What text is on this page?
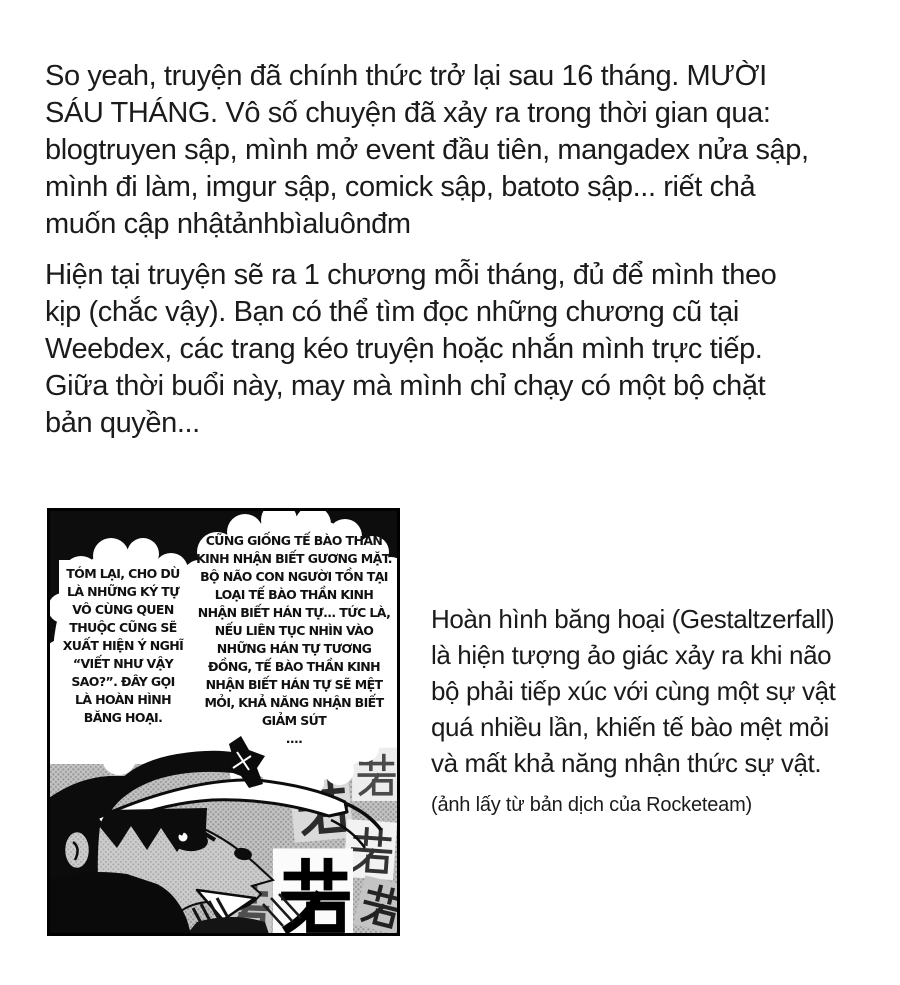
So yeah, truyện đã chính thức trở lại sau 16 tháng. MƯỜI
SÁU THÁNG. Vô số chuyện đã xảy ra trong thời gian qua:
blogtruyen sập, mình mở event đầu tiên, mangadex nửa sập,
mình đi làm, imgur sập, comick sập, batoto sập... riết chả
muốn cập nhậtảnhbìaluônđm
Hiện tại truyện sẽ ra 1 chương mỗi tháng, đủ để mình theo
kịp (chắc vậy). Bạn có thể tìm đọc những chương cũ tại
Weebdex, các trang kéo truyện hoặc nhắn mình trực tiếp.
Giữa thời buổi này, may mà mình chỉ chạy có một bộ chặt
bản quyền...
TÓM LẠI, CHO DÙ
LÀ NHỮNG KÝ TỰ
VÔ CÙNG QUEN
THUỘC CŨNG SẼ
XUẤT HIỆN Ý NGHĨ
“VIẾT NHƯ VẬY
SAO?”. ĐÂY GỌI
LÀ HOÀN HÌNH
BĂNG HOẠI.
CŨNG GIỐNG TẾ BÀO THẦN
KINH NHẬN BIẾT GƯƠNG MẶT.
BỘ NÃO CON NGƯỜI TỒN TẠI
LOẠI TẾ BÀO THẦN KINH
NHẬN BIẾT HÁN TỰ... TỨC LÀ,
NẾU LIÊN TỤC NHÌN VÀO
NHỮNG HÁN TỰ TƯƠNG
ĐỒNG, TẾ BÀO THẦN KINH
NHẬN BIẾT HÁN TỰ SẼ MỆT
MỎI, KHẢ NĂNG NHẬN BIẾT
GIẢM SÚT
....
Hoàn hình băng hoại (Gestaltzerfall)
là hiện tượng ảo giác xảy ra khi não
bộ phải tiếp xúc với cùng một sự vật
quá nhiều lần, khiến tế bào mệt mỏi
và mất khả năng nhận thức sự vật.
(ảnh lấy từ bản dịch của Rocketeam)
